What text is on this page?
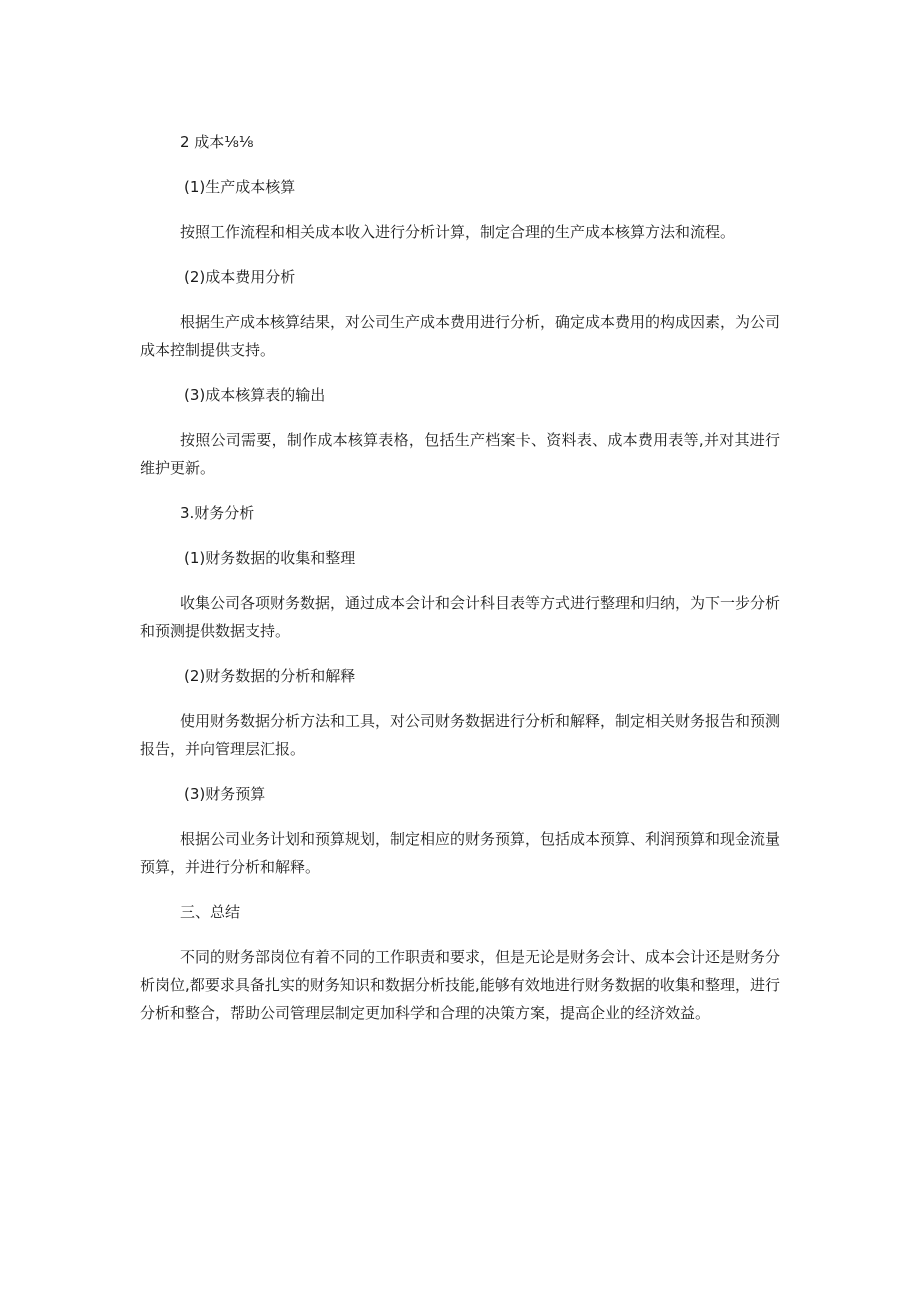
2 成本⅛⅛

(1)生产成本核算

按照工作流程和相关成本收入进行分析计算，制定合理的生产成本核算方法和流程。

(2)成本费用分析

根据生产成本核算结果，对公司生产成本费用进行分析，确定成本费用的构成因素，为公司成本控制提供支持。

(3)成本核算表的输出

按照公司需要，制作成本核算表格，包括生产档案卡、资料表、成本费用表等,并对其进行维护更新。

3.财务分析

(1)财务数据的收集和整理

收集公司各项财务数据，通过成本会计和会计科目表等方式进行整理和归纳，为下一步分析和预测提供数据支持。

(2)财务数据的分析和解释

使用财务数据分析方法和工具，对公司财务数据进行分析和解释，制定相关财务报告和预测报告，并向管理层汇报。

(3)财务预算

根据公司业务计划和预算规划，制定相应的财务预算，包括成本预算、利润预算和现金流量预算，并进行分析和解释。

三、总结

不同的财务部岗位有着不同的工作职责和要求，但是无论是财务会计、成本会计还是财务分析岗位,都要求具备扎实的财务知识和数据分析技能,能够有效地进行财务数据的收集和整理，进行分析和整合，帮助公司管理层制定更加科学和合理的决策方案，提高企业的经济效益。
